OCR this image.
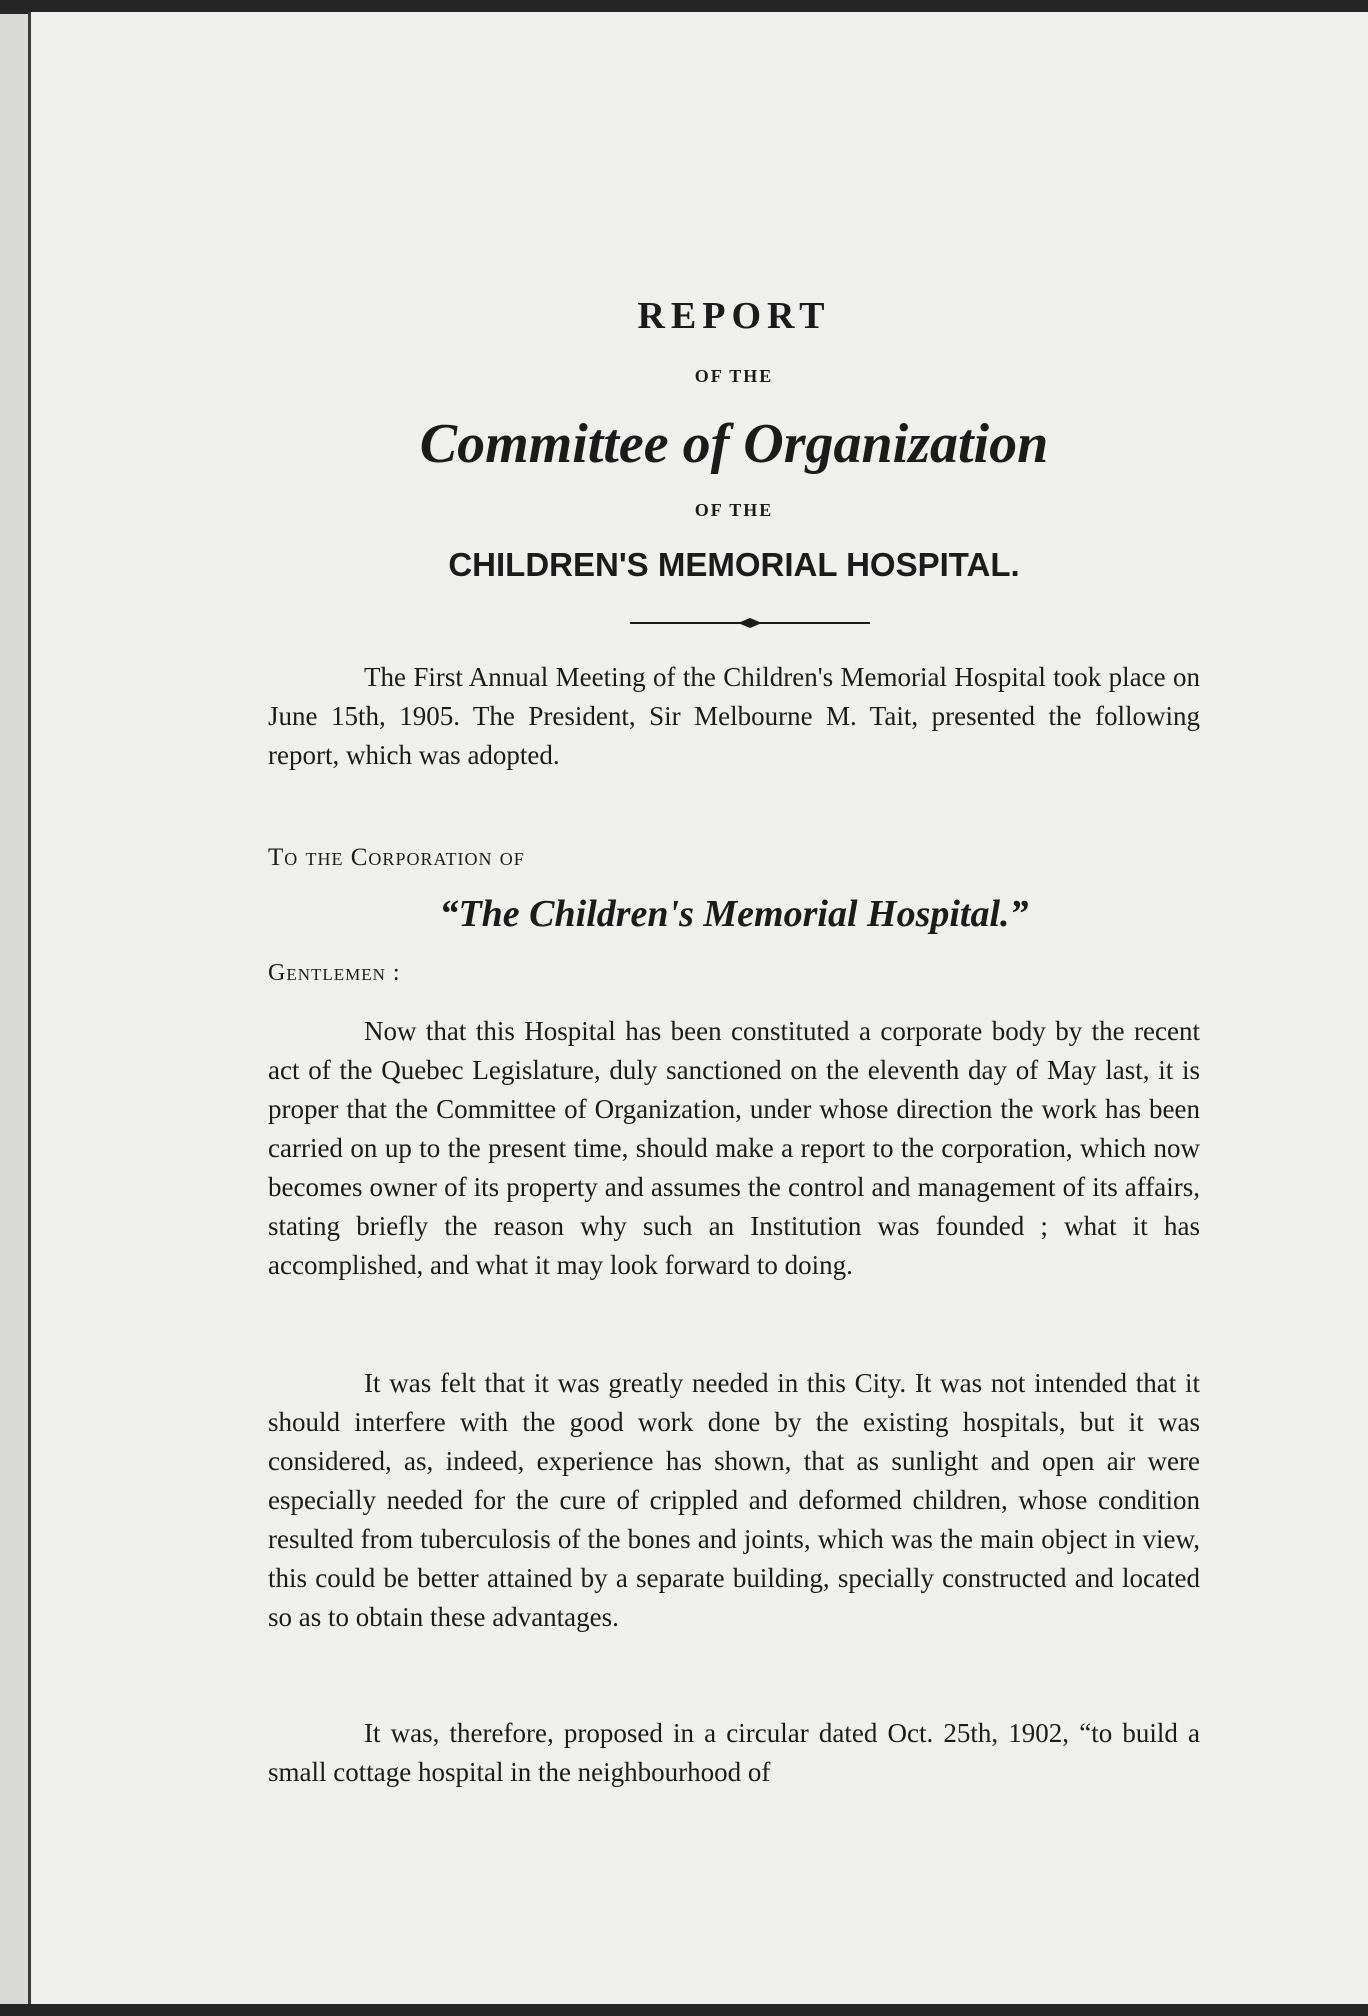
REPORT

OF THE

Committee of Organization

OF THE

CHILDREN'S MEMORIAL HOSPITAL.

The First Annual Meeting of the Children's Memorial Hospital took place on June 15th, 1905. The President, Sir Melbourne M. Tait, presented the following report, which was adopted.

To the Corporation of

“The Children's Memorial Hospital.”

Gentlemen :

Now that this Hospital has been constituted a corporate body by the recent act of the Quebec Legislature, duly sanctioned on the eleventh day of May last, it is proper that the Committee of Organization, under whose direction the work has been carried on up to the present time, should make a report to the corporation, which now becomes owner of its property and assumes the control and management of its affairs, stating briefly the reason why such an Institution was founded ; what it has accomplished, and what it may look forward to doing.

It was felt that it was greatly needed in this City. It was not intended that it should interfere with the good work done by the existing hospitals, but it was considered, as, indeed, experience has shown, that as sunlight and open air were especially needed for the cure of crippled and deformed children, whose condition resulted from tuberculosis of the bones and joints, which was the main object in view, this could be better attained by a separate building, specially constructed and located so as to obtain these advantages.

It was, therefore, proposed in a circular dated Oct. 25th, 1902, “to build a small cottage hospital in the neighbourhood of
